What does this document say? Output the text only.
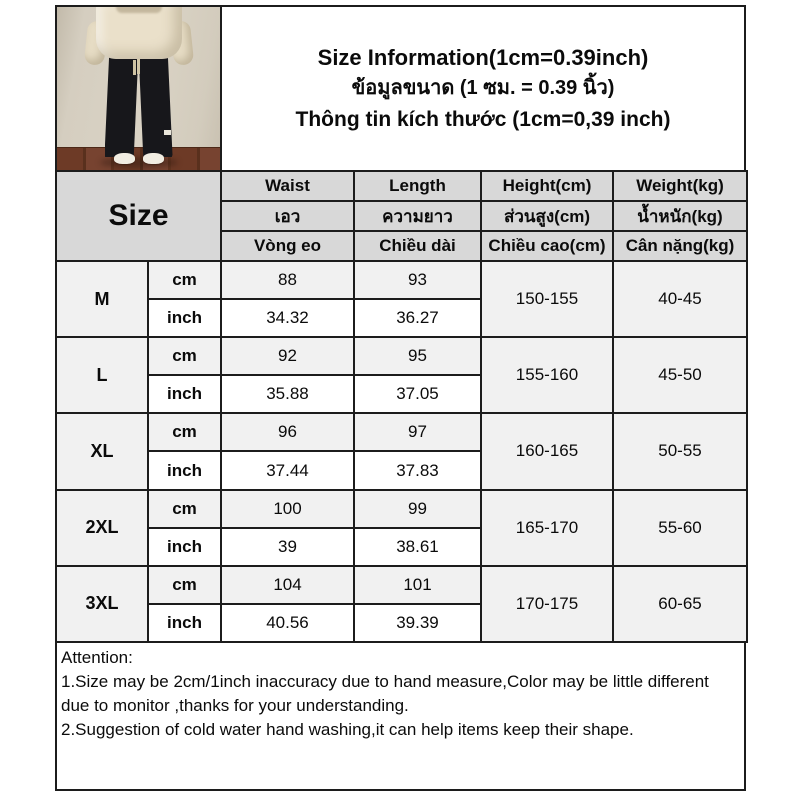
Size Information(1cm=0.39inch)
ข้อมูลขนาด (1 ซม. = 0.39 นิ้ว)
Thông tin kích thước (1cm=0,39 inch)
Size		Waist	Length	Height(cm)	Weight(kg)
		เอว	ความยาว	ส่วนสูง(cm)	น้ำหนัก(kg)
		Vòng eo	Chiều dài	Chiều cao(cm)	Cân nặng(kg)
M	cm	88	93	150-155	40-45
	inch	34.32	36.27		
L	cm	92	95	155-160	45-50
	inch	35.88	37.05		
XL	cm	96	97	160-165	50-55
	inch	37.44	37.83		
2XL	cm	100	99	165-170	55-60
	inch	39	38.61		
3XL	cm	104	101	170-175	60-65
	inch	40.56	39.39		
Attention:
1.Size may be 2cm/1inch inaccuracy due to hand measure,Color may be little different due to monitor ,thanks for your understanding.
2.Suggestion of cold water hand washing,it can help items keep their shape.
